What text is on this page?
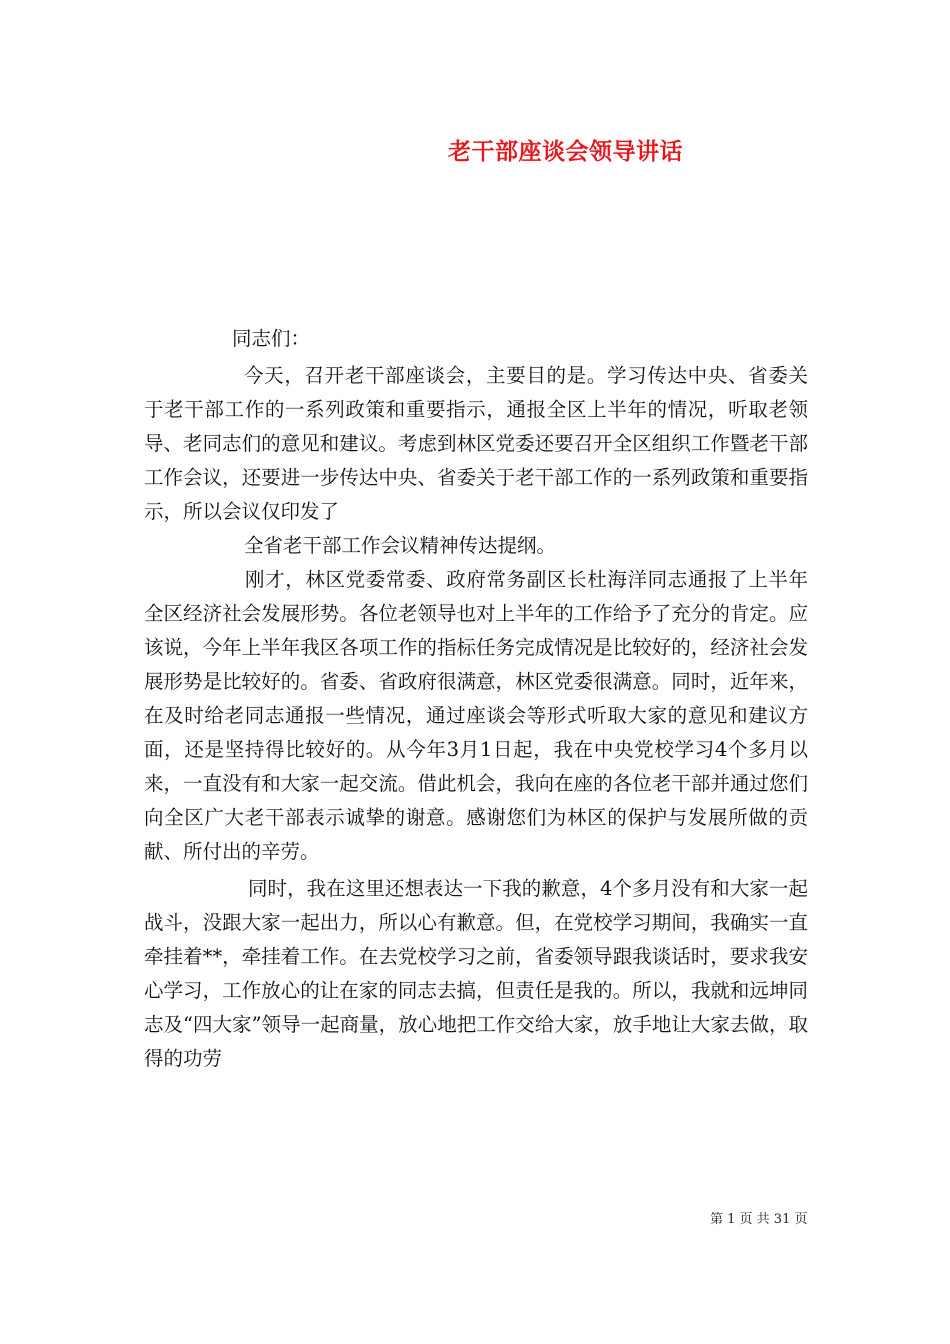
老干部座谈会领导讲话

同志们：

今天，召开老干部座谈会，主要目的是。学习传达中央、省委关于老干部工作的一系列政策和重要指示，通报全区上半年的情况，听取老领导、老同志们的意见和建议。考虑到林区党委还要召开全区组织工作暨老干部工作会议，还要进一步传达中央、省委关于老干部工作的一系列政策和重要指示，所以会议仅印发了

全省老干部工作会议精神传达提纲。

刚才，林区党委常委、政府常务副区长杜海洋同志通报了上半年全区经济社会发展形势。各位老领导也对上半年的工作给予了充分的肯定。应该说，今年上半年我区各项工作的指标任务完成情况是比较好的，经济社会发展形势是比较好的。省委、省政府很满意，林区党委很满意。同时，近年来，在及时给老同志通报一些情况，通过座谈会等形式听取大家的意见和建议方面，还是坚持得比较好的。从今年3月1日起，我在中央党校学习4个多月以来，一直没有和大家一起交流。借此机会，我向在座的各位老干部并通过您们向全区广大老干部表示诚挚的谢意。感谢您们为林区的保护与发展所做的贡献、所付出的辛劳。

同时，我在这里还想表达一下我的歉意，4个多月没有和大家一起战斗，没跟大家一起出力，所以心有歉意。但，在党校学习期间，我确实一直牵挂着**，牵挂着工作。在去党校学习之前，省委领导跟我谈话时，要求我安心学习，工作放心的让在家的同志去搞，但责任是我的。所以，我就和远坤同志及“四大家”领导一起商量，放心地把工作交给大家，放手地让大家去做，取得的功劳

第 1 页 共 31 页
